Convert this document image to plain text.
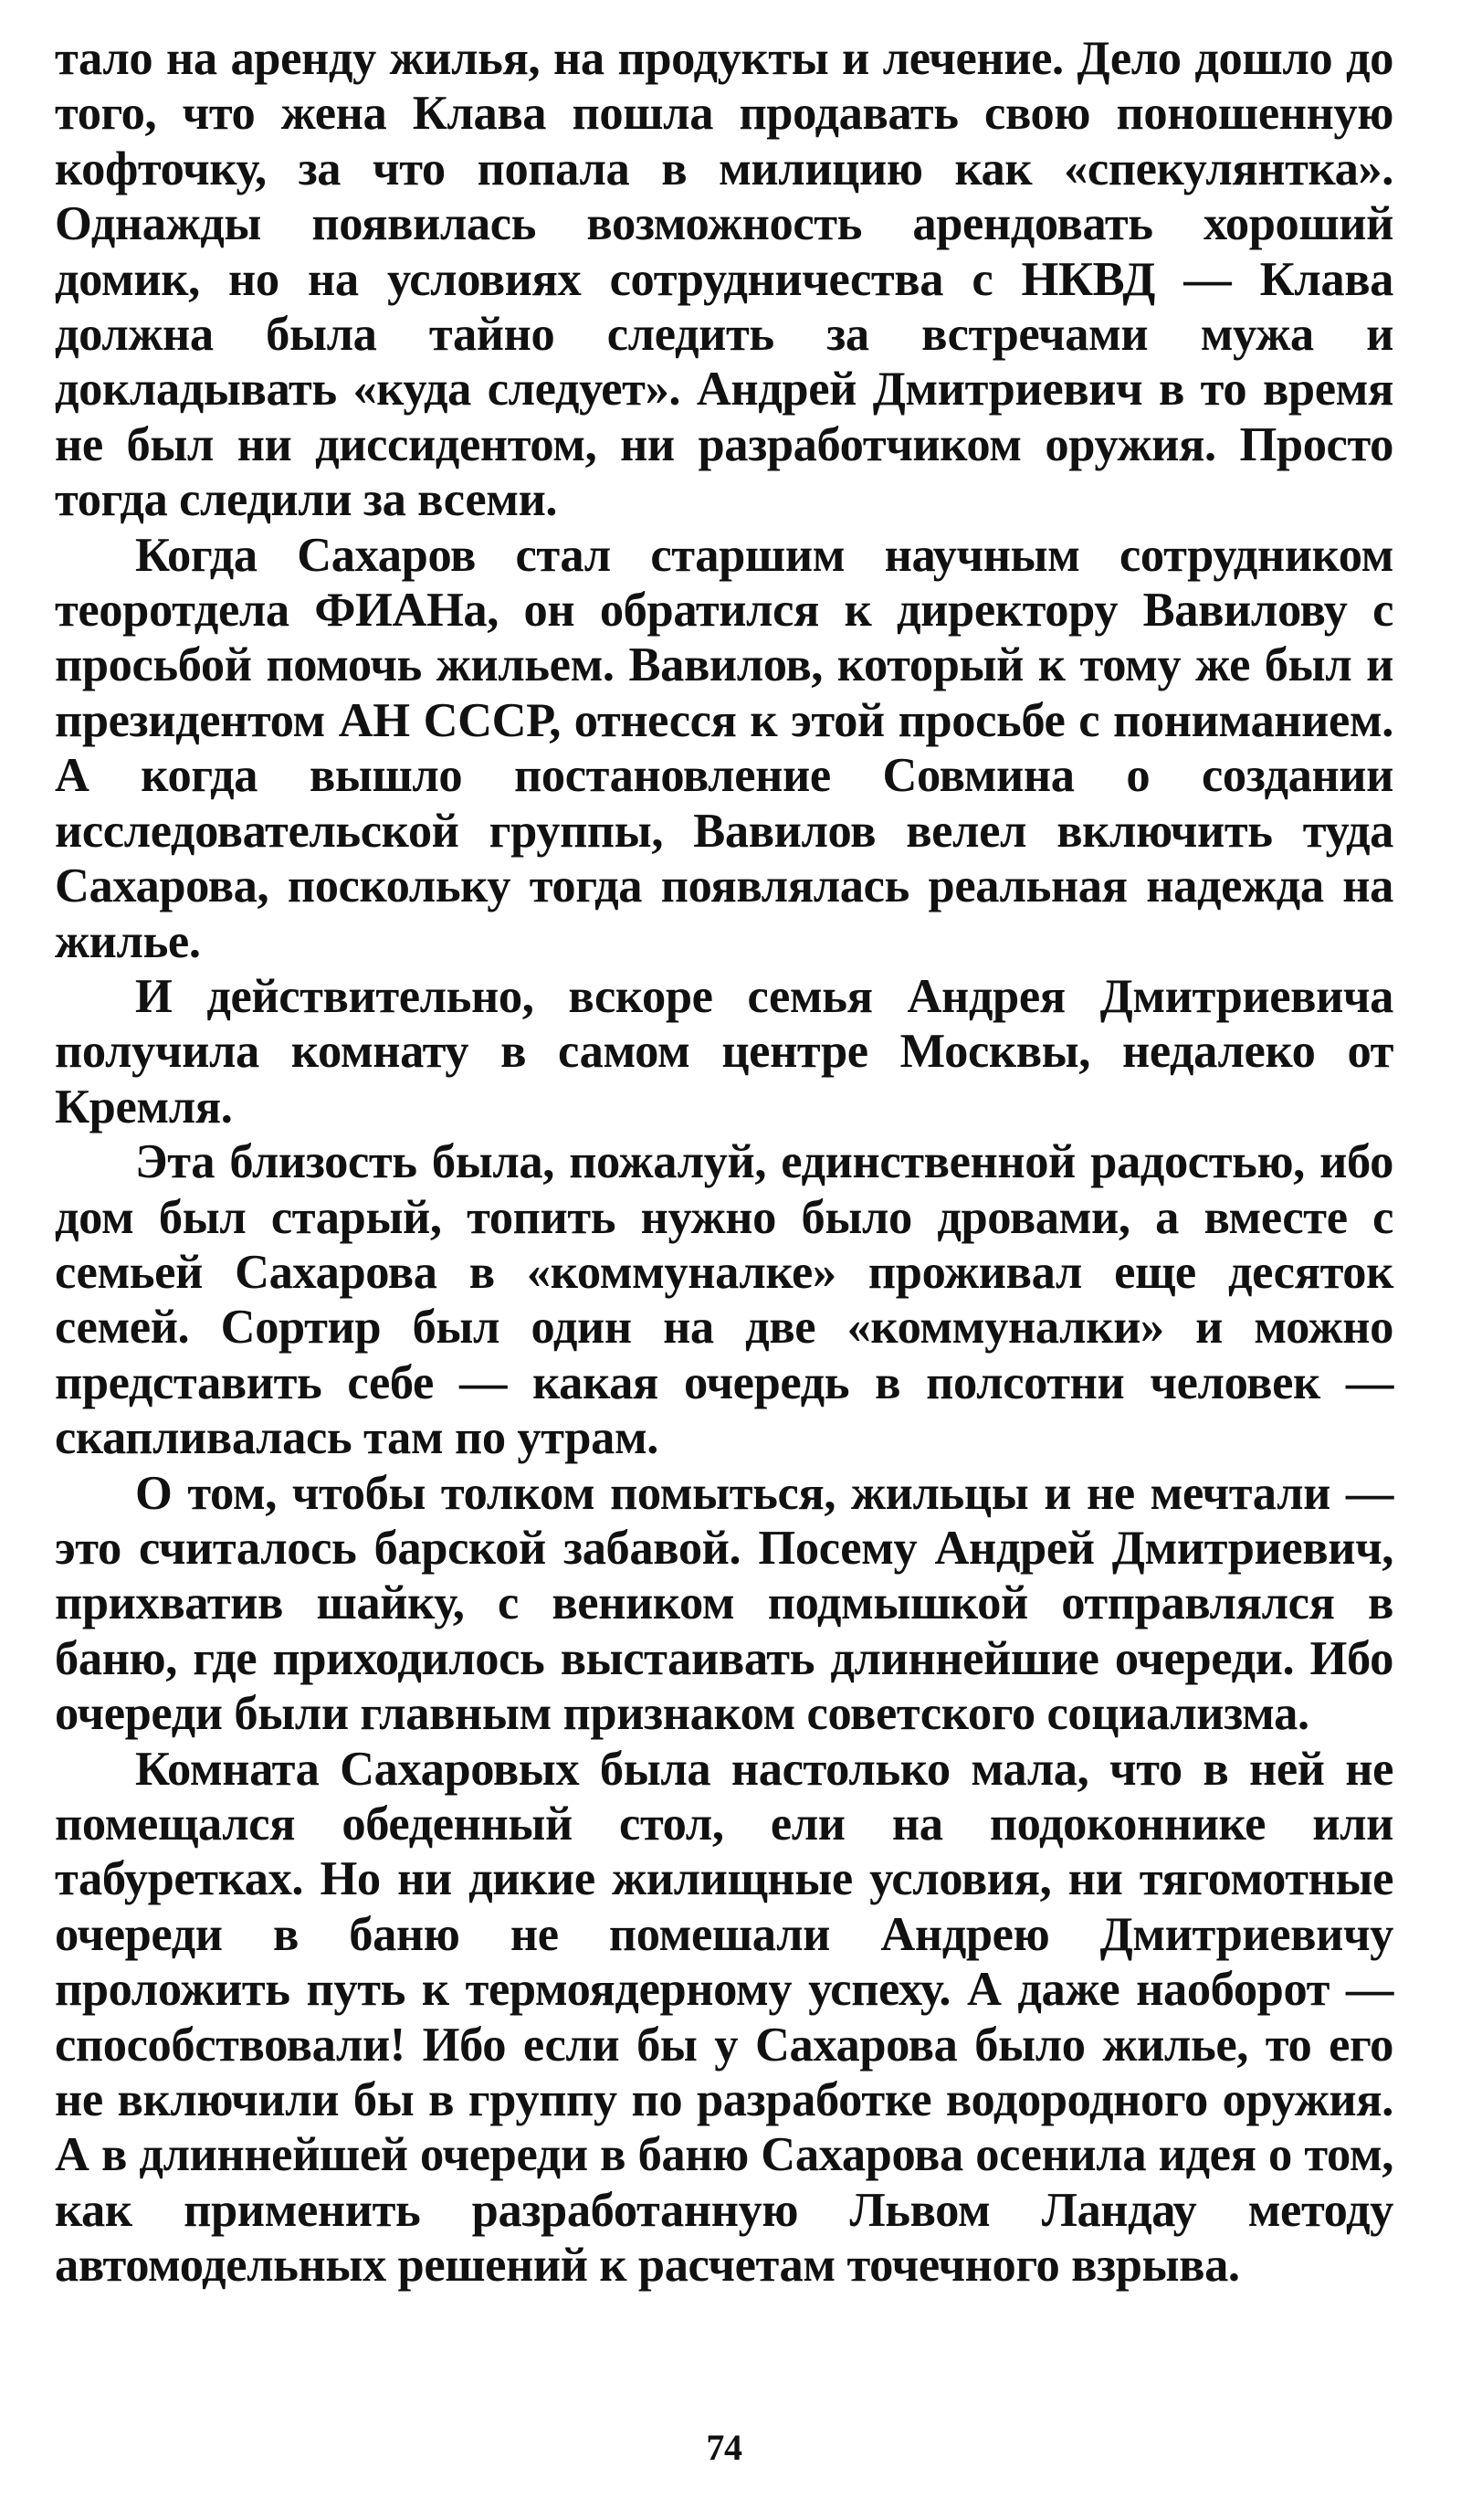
тало на аренду жилья, на продукты и лечение. Дело дошло до того, что жена Клава пошла продавать свою поношенную кофточку, за что попала в милицию как «спекулянтка». Однажды появилась возможность арендовать хороший домик, но на условиях сотрудничества с НКВД — Клава должна была тайно следить за встречами мужа и докладывать «куда следует». Андрей Дмитриевич в то время не был ни диссидентом, ни разработчиком оружия. Просто тогда следили за всеми.

Когда Сахаров стал старшим научным сотрудником теоротдела ФИАНа, он обратился к директору Вавилову с просьбой помочь жильем. Вавилов, который к тому же был и президентом АН СССР, отнесся к этой просьбе с пониманием. А когда вышло постановление Совмина о создании исследовательской группы, Вавилов велел включить туда Сахарова, поскольку тогда появлялась реальная надежда на жилье.

И действительно, вскоре семья Андрея Дмитриевича получила комнату в самом центре Москвы, недалеко от Кремля.

Эта близость была, пожалуй, единственной радостью, ибо дом был старый, топить нужно было дровами, а вместе с семьей Сахарова в «коммуналке» проживал еще десяток семей. Сортир был один на две «коммуналки» и можно представить себе — какая очередь в полсотни человек — скапливалась там по утрам.

О том, чтобы толком помыться, жильцы и не мечтали — это считалось барской забавой. Посему Андрей Дмитриевич, прихватив шайку, с веником подмышкой отправлялся в баню, где приходилось выстаивать длиннейшие очереди. Ибо очереди были главным признаком советского социализма.

Комната Сахаровых была настолько мала, что в ней не помещался обеденный стол, ели на подоконнике или табуретках. Но ни дикие жилищные условия, ни тягомотные очереди в баню не помешали Андрею Дмитриевичу проложить путь к термоядерному успеху. А даже наоборот — способствовали! Ибо если бы у Сахарова было жилье, то его не включили бы в группу по разработке водородного оружия. А в длиннейшей очереди в баню Сахарова осенила идея о том, как применить разработанную Львом Ландау методу автомодельных решений к расчетам точечного взрыва.

74
